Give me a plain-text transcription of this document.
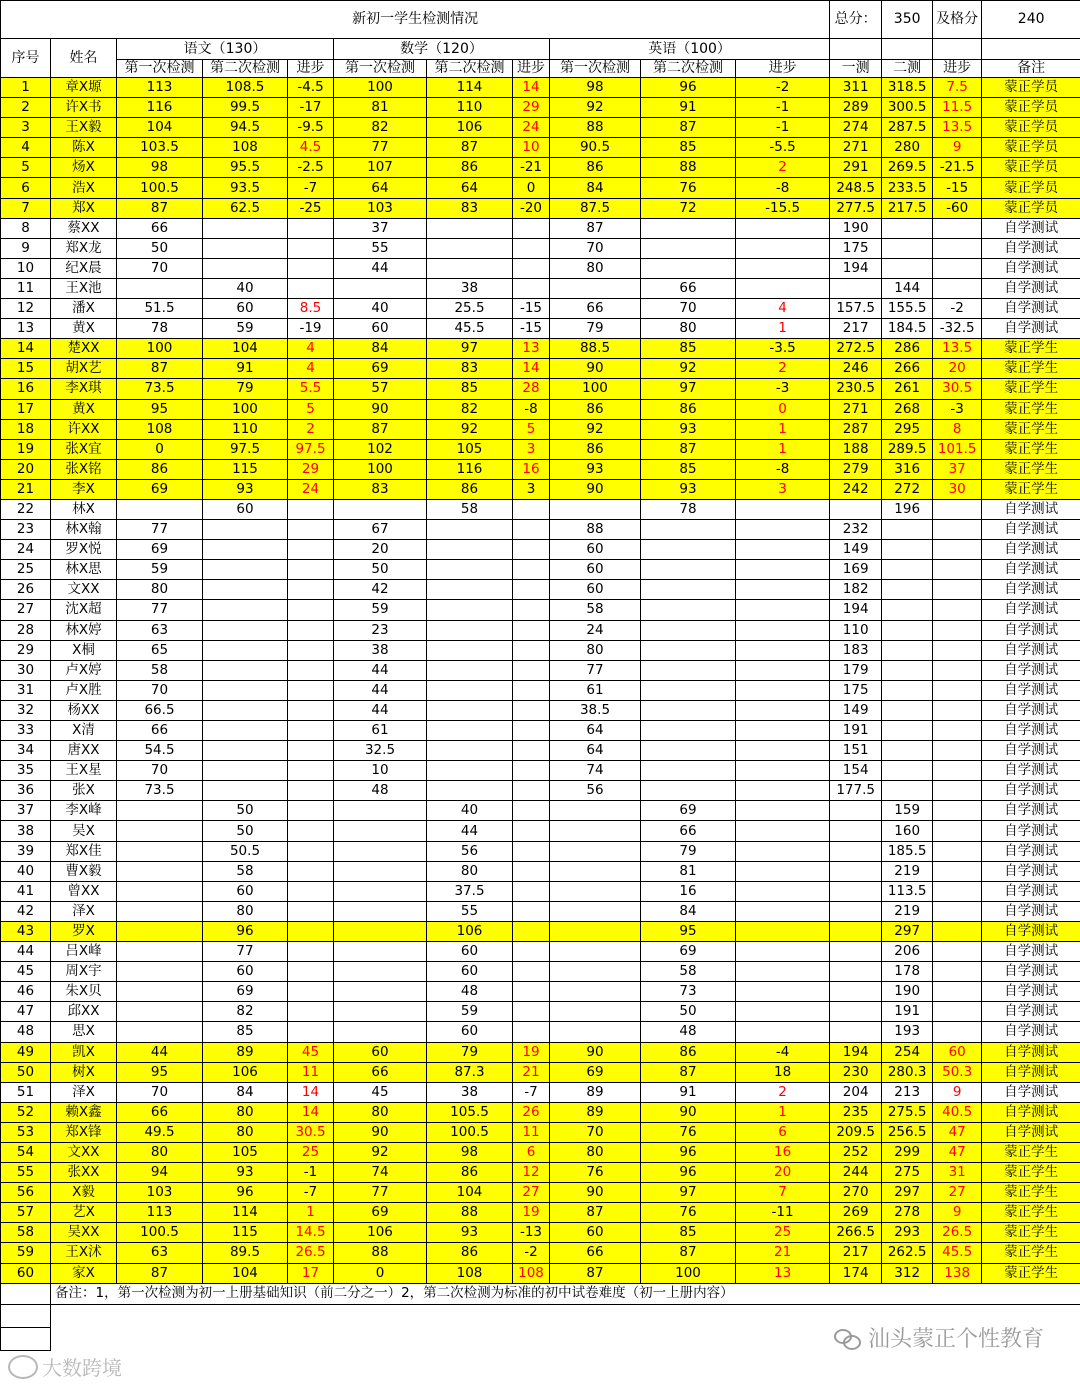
新初一学生检测情况											总分：	350	及格分	240
序号	姓名	语文（130）			数学（120）			英语（100）						
		第一次检测	第二次检测	进步	第一次检测	第二次检测	进步	第一次检测	第二次检测	进步	一测	二测	进步	备注
1	章X塬	113	108.5	-4.5	100	114	14	98	96	-2	311	318.5	7.5	蒙正学员
2	许X书	116	99.5	-17	81	110	29	92	91	-1	289	300.5	11.5	蒙正学员
3	王X毅	104	94.5	-9.5	82	106	24	88	87	-1	274	287.5	13.5	蒙正学员
4	陈X	103.5	108	4.5	77	87	10	90.5	85	-5.5	271	280	9	蒙正学员
5	炀X	98	95.5	-2.5	107	86	-21	86	88	2	291	269.5	-21.5	蒙正学员
6	浩X	100.5	93.5	-7	64	64	0	84	76	-8	248.5	233.5	-15	蒙正学员
7	郑X	87	62.5	-25	103	83	-20	87.5	72	-15.5	277.5	217.5	-60	蒙正学员
8	蔡XX	66			37			87			190			自学测试
9	郑X龙	50			55			70			175			自学测试
10	纪X晨	70			44			80			194			自学测试
11	王X池		40			38			66			144		自学测试
12	潘X	51.5	60	8.5	40	25.5	-15	66	70	4	157.5	155.5	-2	自学测试
13	黄X	78	59	-19	60	45.5	-15	79	80	1	217	184.5	-32.5	自学测试
14	楚XX	100	104	4	84	97	13	88.5	85	-3.5	272.5	286	13.5	蒙正学生
15	胡X艺	87	91	4	69	83	14	90	92	2	246	266	20	蒙正学生
16	李X琪	73.5	79	5.5	57	85	28	100	97	-3	230.5	261	30.5	蒙正学生
17	黄X	95	100	5	90	82	-8	86	86	0	271	268	-3	蒙正学生
18	许XX	108	110	2	87	92	5	92	93	1	287	295	8	蒙正学生
19	张X宜	0	97.5	97.5	102	105	3	86	87	1	188	289.5	101.5	蒙正学生
20	张X铭	86	115	29	100	116	16	93	85	-8	279	316	37	蒙正学生
21	李X	69	93	24	83	86	3	90	93	3	242	272	30	蒙正学生
22	林X		60			58			78			196		自学测试
23	林X翰	77			67			88			232			自学测试
24	罗X悦	69			20			60			149			自学测试
25	林X思	59			50			60			169			自学测试
26	文XX	80			42			60			182			自学测试
27	沈X超	77			59			58			194			自学测试
28	林X婷	63			23			24			110			自学测试
29	X桐	65			38			80			183			自学测试
30	卢X婷	58			44			77			179			自学测试
31	卢X胜	70			44			61			175			自学测试
32	杨XX	66.5			44			38.5			149			自学测试
33	X清	66			61			64			191			自学测试
34	唐XX	54.5			32.5			64			151			自学测试
35	王X星	70			10			74			154			自学测试
36	张X	73.5			48			56			177.5			自学测试
37	李X峰		50			40			69			159		自学测试
38	吴X		50			44			66			160		自学测试
39	郑X佳		50.5			56			79			185.5		自学测试
40	曹X毅		58			80			81			219		自学测试
41	曾XX		60			37.5			16			113.5		自学测试
42	泽X		80			55			84			219		自学测试
43	罗X		96			106			95			297		自学测试
44	吕X峰		77			60			69			206		自学测试
45	周X宇		60			60			58			178		自学测试
46	朱X贝		69			48			73			190		自学测试
47	邱XX		82			59			50			191		自学测试
48	思X		85			60			48			193		自学测试
49	凯X	44	89	45	60	79	19	90	86	-4	194	254	60	自学测试
50	树X	95	106	11	66	87.3	21	69	87	18	230	280.3	50.3	自学测试
51	泽X	70	84	14	45	38	-7	89	91	2	204	213	9	自学测试
52	赖X鑫	66	80	14	80	105.5	26	89	90	1	235	275.5	40.5	自学测试
53	郑X锋	49.5	80	30.5	90	100.5	11	70	76	6	209.5	256.5	47	自学测试
54	文XX	80	105	25	92	98	6	80	96	16	252	299	47	蒙正学生
55	张XX	94	93	-1	74	86	12	76	96	20	244	275	31	蒙正学生
56	X毅	103	96	-7	77	104	27	90	97	7	270	297	27	蒙正学生
57	艺X	113	114	1	69	88	19	87	76	-11	269	278	9	蒙正学生
58	吴XX	100.5	115	14.5	106	93	-13	60	85	25	266.5	293	26.5	蒙正学生
59	王X沭	63	89.5	26.5	88	86	-2	66	87	21	217	262.5	45.5	蒙正学生
60	家X	87	104	17	0	108	108	87	100	13	174	312	138	蒙正学生
	备注：1，第一次检测为初一上册基础知识（前二分之一）2，第二次检测为标准的初中试卷难度（初一上册内容）													

汕头蒙正个性教育
大数跨境
